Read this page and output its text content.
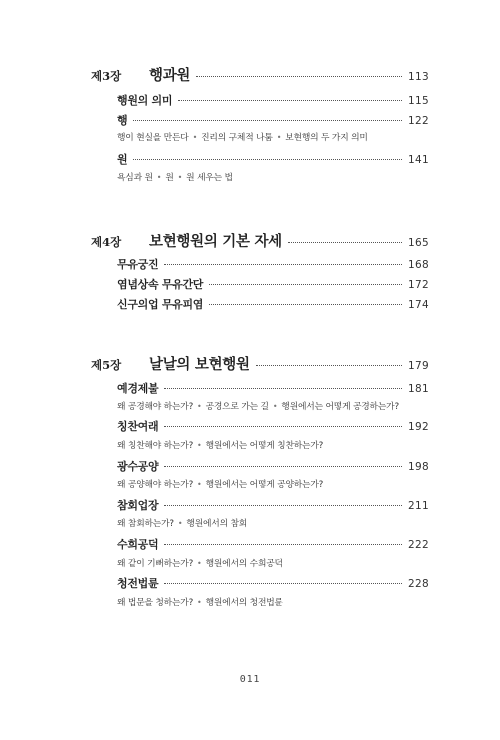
제3장	행과원	113
행원의 의미	115
행	122
행이 현실을 만든다 • 진리의 구체적 나툼 • 보현행의 두 가지 의미
원	141
욕심과 원 • 원 • 원 세우는 법
제4장	보현행원의 기본 자세	165
무유궁진	168
염념상속 무유간단	172
신구의업 무유피염	174
제5장	날날의 보현행원	179
예경제불	181
왜 공경해야 하는가? • 공경으로 가는 길 • 행원에서는 어떻게 공경하는가?
칭찬여래	192
왜 칭찬해야 하는가? • 행원에서는 어떻게 칭찬하는가?
광수공양	198
왜 공양해야 하는가? • 행원에서는 어떻게 공양하는가?
참회업장	211
왜 참회하는가? • 행원에서의 참회
수희공덕	222
왜 같이 기뻐하는가? • 행원에서의 수희공덕
청전법륜	228
왜 법문을 청하는가? • 행원에서의 청전법륜
011
